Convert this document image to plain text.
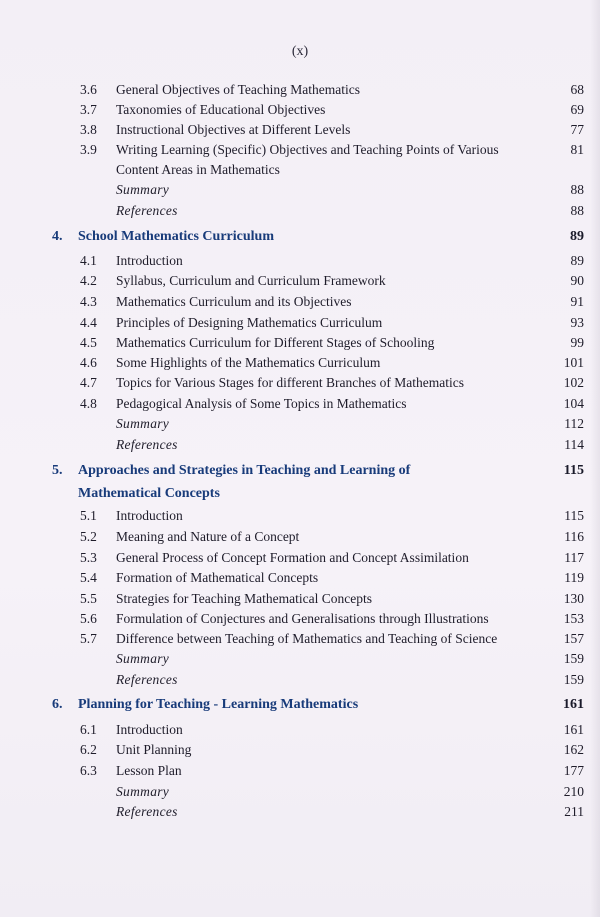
(x)
3.6 General Objectives of Teaching Mathematics	68
3.7 Taxonomies of Educational Objectives	69
3.8 Instructional Objectives at Different Levels	77
3.9 Writing Learning (Specific) Objectives and Teaching Points of Various	81
Content Areas in Mathematics
Summary	88
References	88
4. School Mathematics Curriculum	89
4.1 Introduction	89
4.2 Syllabus, Curriculum and Curriculum Framework	90
4.3 Mathematics Curriculum and its Objectives	91
4.4 Principles of Designing Mathematics Curriculum	93
4.5 Mathematics Curriculum for Different Stages of Schooling	99
4.6 Some Highlights of the Mathematics Curriculum	101
4.7 Topics for Various Stages for different Branches of Mathematics	102
4.8 Pedagogical Analysis of Some Topics in Mathematics	104
Summary	112
References	114
5. Approaches and Strategies in Teaching and Learning of	115
Mathematical Concepts
5.1 Introduction	115
5.2 Meaning and Nature of a Concept	116
5.3 General Process of Concept Formation and Concept Assimilation	117
5.4 Formation of Mathematical Concepts	119
5.5 Strategies for Teaching Mathematical Concepts	130
5.6 Formulation of Conjectures and Generalisations through Illustrations	153
5.7 Difference between Teaching of Mathematics and Teaching of Science	157
Summary	159
References	159
6. Planning for Teaching - Learning Mathematics	161
6.1 Introduction	161
6.2 Unit Planning	162
6.3 Lesson Plan	177
Summary	210
References	211
